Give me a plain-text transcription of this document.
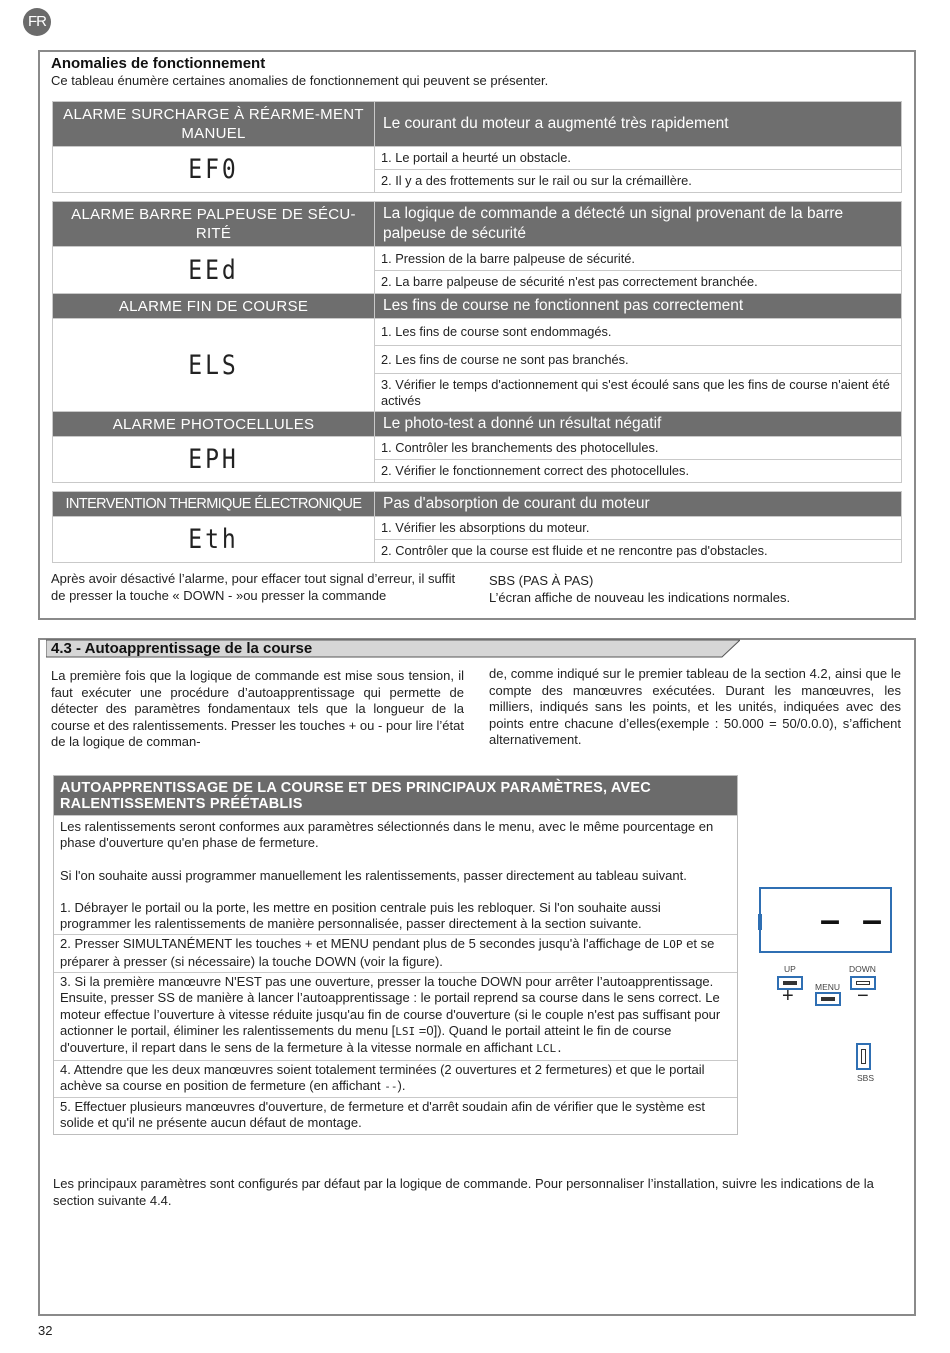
FR
Anomalies de fonctionnement
Ce tableau énumère certaines anomalies de fonctionnement qui peuvent se présenter.
ALARME SURCHARGE À RÉARME-MENT MANUEL	Le courant du moteur a augmenté très rapidement
EF0	1. Le portail a heurté un obstacle.
	2. Il y a des frottements sur le rail ou sur la crémaillère.

ALARME BARRE PALPEUSE DE SÉCU-RITÉ	La logique de commande a détecté un signal provenant de la barre palpeuse de sécurité
EEd	1. Pression de la barre palpeuse de sécurité.
	2. La barre palpeuse de sécurité n'est pas correctement branchée.
ALARME FIN DE COURSE	Les fins de course ne fonctionnent pas correctement
ELS	1. Les fins de course sont endommagés.
	2. Les fins de course ne sont pas branchés.
	3. Vérifier le temps d'actionnement qui s'est écoulé sans que les fins de course n'aient été activés
ALARME PHOTOCELLULES	Le photo-test a donné un résultat négatif
EPH	1. Contrôler les branchements des photocellules.
	2. Vérifier le fonctionnement correct des photocellules.

INTERVENTION THERMIQUE ÉLECTRONIQUE	Pas d'absorption de courant du moteur
Eth	1. Vérifier les absorptions du moteur.
	2. Contrôler que la course est fluide et ne rencontre pas d'obstacles.
Après avoir désactivé l’alarme, pour effacer tout signal d’erreur, il suffit de presser la touche « DOWN - »ou presser la commande
SBS (PAS À PAS)
L’écran affiche de nouveau les indications normales.
4.3 - Autoapprentissage de la course
La première fois que la logique de commande est mise sous tension, il faut exécuter une procédure d’autoapprentissage qui permette de détecter des paramètres fondamentaux tels que la longueur de la course et des ralentissements. Presser les touches + ou - pour lire l’état de la logique de comman-
de, comme indiqué sur le premier tableau de la section 4.2, ainsi que le compte des manœuvres exécutées. Durant les manœuvres, les milliers, indiqués sans les points, et les unités, indiquées avec des points entre chacune d’elles(exemple : 50.000 = 50/0.0.0), s’affichent alternativement.
AUTOAPPRENTISSAGE DE LA COURSE ET DES PRINCIPAUX PARAMÈTRES, AVEC RALENTISSEMENTS PRÉÉTABLIS
Les ralentissements seront conformes aux paramètres sélectionnés dans le menu, avec le même pourcentage en phase d'ouverture qu'en phase de fermeture.
Si l'on souhaite aussi programmer manuellement les ralentissements, passer directement au tableau suivant.
1. Débrayer le portail ou la porte, les mettre en position centrale puis les rebloquer. Si l'on souhaite aussi programmer les ralentissements de manière personnalisée, passer directement à la section suivante.
2. Presser SIMULTANÉMENT les touches + et MENU pendant plus de 5 secondes jusqu'à l'affichage de LOP et se préparer à presser (si nécessaire) la touche DOWN (voir la figure).
3. Si la première manœuvre N'EST pas une ouverture, presser la touche DOWN pour arrêter l’autoapprentissage.
Ensuite, presser SS de manière à lancer l’autoapprentissage : le portail reprend sa course dans le sens correct. Le moteur effectue l’ouverture à vitesse réduite jusqu'au fin de course d'ouverture (si le couple n'est pas suffisant pour actionner le portail, éliminer les ralentissements du menu [LSI =0]). Quand le portail atteint le fin de course d'ouverture, il repart dans le sens de la fermeture à la vitesse normale en affichant LCL.
4. Attendre que les deux manœuvres soient totalement terminées (2 ouvertures et 2 fermetures) et que le portail achève sa course en position de fermeture (en affichant --).
5. Effectuer plusieurs manœuvres d'ouverture, de fermeture et d'arrêt soudain afin de vérifier que le système est solide et qu'il ne présente aucun défaut de montage.
– –
UP
+	MENU
DOWN
−
SBS
Les principaux paramètres sont configurés par défaut par la logique de commande. Pour personnaliser l’installation, suivre les indications de la section suivante 4.4.
32
